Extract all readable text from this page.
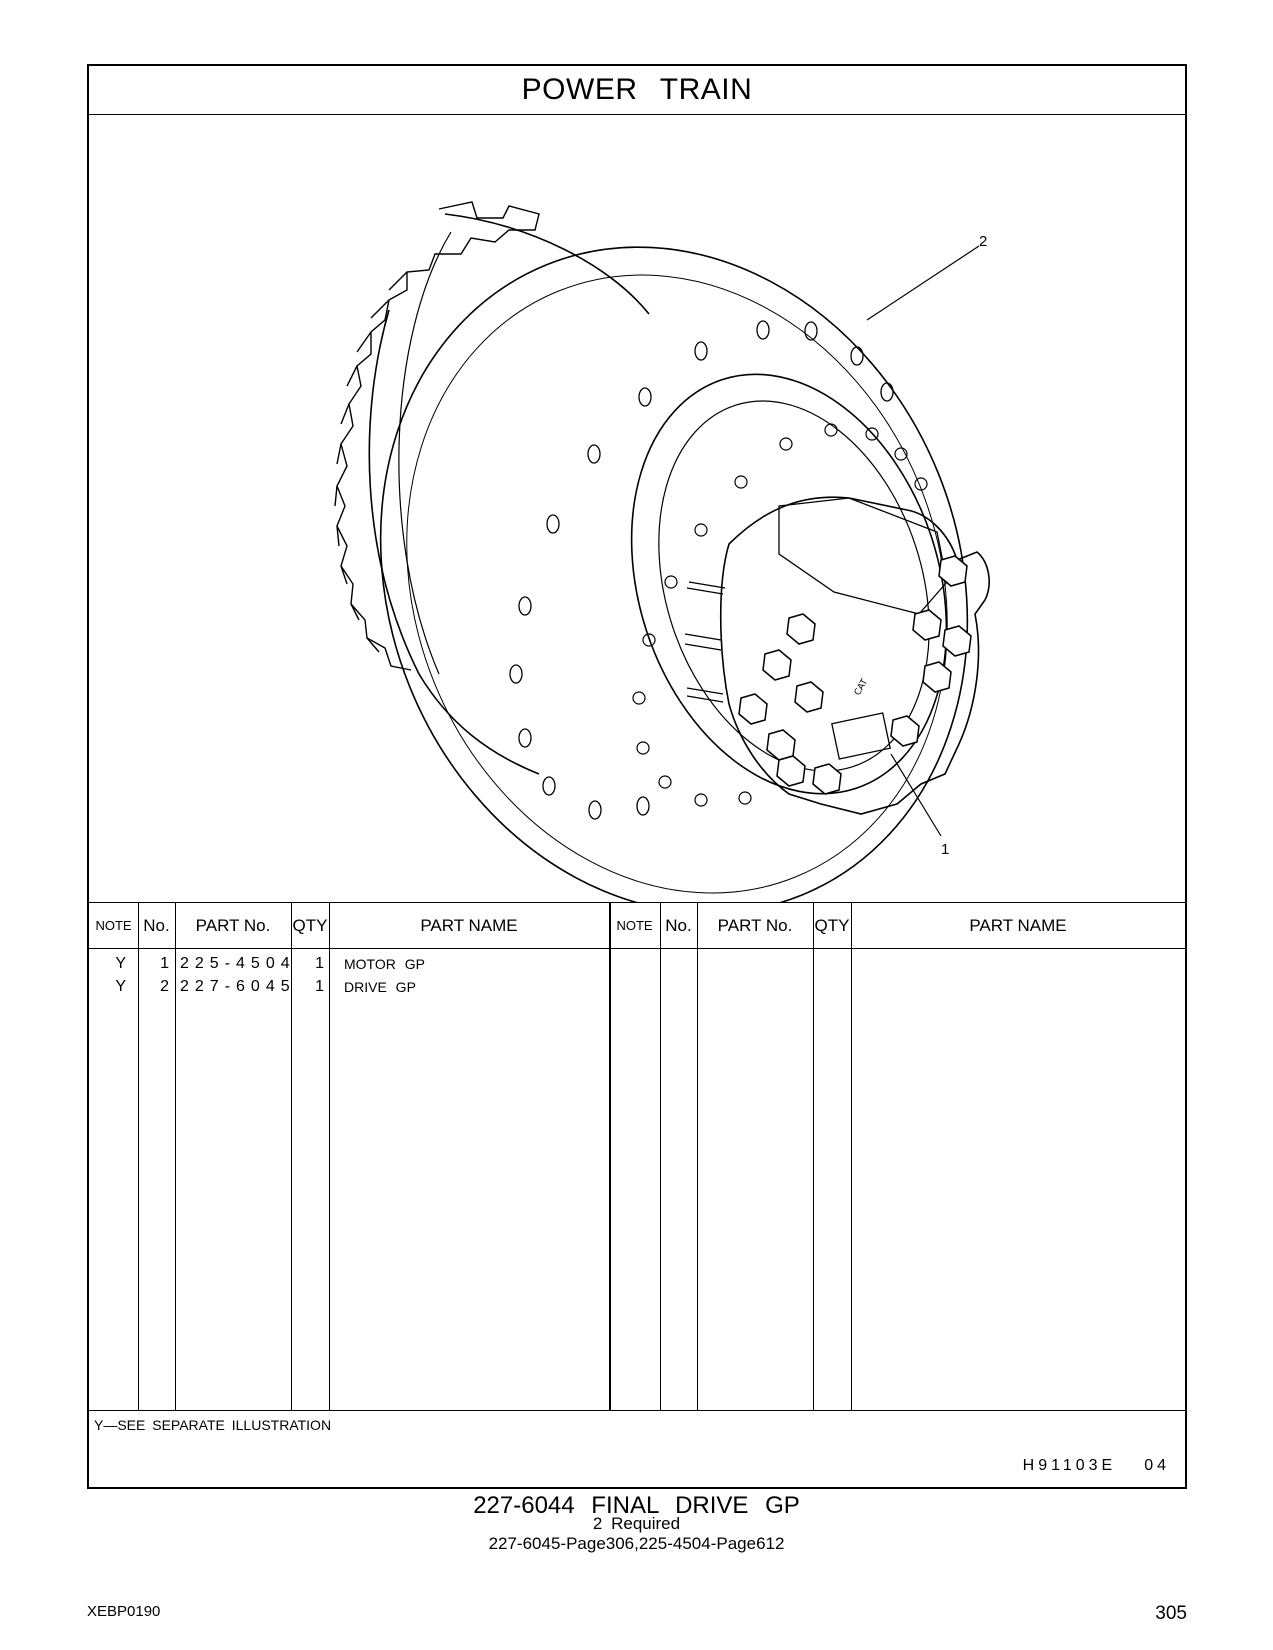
POWER TRAIN
CAT
2
1
NOTE No.	PART No.	QTY	PART NAME	NOTE No.	PART No.	QTY	PART NAME
Y	1 225-4504	1 MOTOR GP
Y	2 227-6045	1 DRIVE GP
Y—SEE SEPARATE ILLUSTRATION
H91103E 04
227-6044 FINAL DRIVE GP
2 Required
227-6045-Page306,225-4504-Page612
XEBP0190	305
